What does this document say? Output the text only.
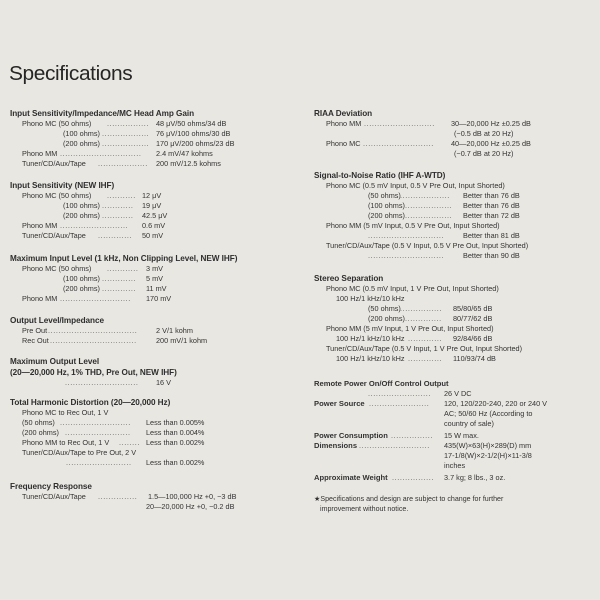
Specifications
Input Sensitivity/Impedance/MC Head Amp Gain
Phono MC (50 ohms) ................ 48 μV/50 ohms/34 dB
(100 ohms) .................. 76 μV/100 ohms/30 dB
(200 ohms) .................. 170 μV/200 ohms/23 dB
Phono MM ...............................	2.4 mV/47 kohms
Tuner/CD/Aux/Tape ...................	200 mV/12.5 kohms
Input Sensitivity (NEW IHF)
Phono MC (50 ohms) ........... 12 μV
(100 ohms) ............	19 μV
(200 ohms) ............	42.5 μV
Phono MM ..........................	0.6 mV
Tuner/CD/Aux/Tape .............	50 mV
Maximum Input Level (1 kHz, Non Clipping Level, NEW IHF)
Phono MC (50 ohms) ............	3 mV
(100 ohms) .............	5 mV
(200 ohms) .............	11 mV
Phono MM ...........................	170 mV
Output Level/Impedance
Pre Out ..................................	2 V/1 kohm
Rec Out .................................	200 mV/1 kohm
Maximum Output Level
(20—20,000 Hz, 1% THD, Pre Out, NEW IHF)
............................	16 V
Total Harmonic Distortion (20—20,000 Hz)
Phono MC to Rec Out, 1 V
(50 ohms) ...........................	Less than 0.005%
(200 ohms) .........................	Less than 0.004%
Phono MM to Rec Out, 1 V ........ Less than 0.002%
Tuner/CD/Aux/Tape to Pre Out, 2 V
.........................	Less than 0.002%
Frequency Response
Tuner/CD/Aux/Tape ...............	1.5—100,000 Hz +0, −3 dB
20—20,000 Hz +0, −0.2 dB
RIAA Deviation
Phono MM ...........................	30—20,000 Hz ±0.25 dB
(−0.5 dB at 20 Hz)
Phono MC ...........................	40—20,000 Hz ±0.25 dB
(−0.7 dB at 20 Hz)
Signal-to-Noise Ratio (IHF A-WTD)
Phono MC (0.5 mV Input, 0.5 V Pre Out, Input Shorted)
(50 ohms) ...................	Better than 76 dB
(100 ohms) ..................	Better than 76 dB
(200 ohms) ..................	Better than 72 dB
Phono MM (5 mV Input, 0.5 V Pre Out, Input Shorted)
.............................	Better than 81 dB
Tuner/CD/Aux/Tape (0.5 V Input, 0.5 V Pre Out, Input Shorted)
.............................	Better than 90 dB
Stereo Separation
Phono MC (0.5 mV Input, 1 V Pre Out, Input Shorted)
100 Hz/1 kHz/10 kHz
(50 ohms) ................	85/80/65 dB
(200 ohms) ..............	80/77/62 dB
Phono MM (5 mV Input, 1 V Pre Out, Input Shorted)
100 Hz/1 kHz/10 kHz .............	92/84/66 dB
Tuner/CD/Aux/Tape (0.5 V Input, 1 V Pre Out, Input Shorted)
100 Hz/1 kHz/10 kHz .............	110/93/74 dB
Remote Power On/Off Control Output
........................	26 V DC
Power Source .......................	120, 120/220-240, 220 or 240 V
AC; 50/60 Hz (According to
country of sale)
Power Consumption ................	15 W max.
Dimensions ...........................	435(W)×63(H)×289(D) mm
17-1/8(W)×2-1/2(H)×11-3/8
inches
Approximate Weight ................	3.7 kg; 8 lbs., 3 oz.
★Specifications and design are subject to change for further
improvement without notice.
